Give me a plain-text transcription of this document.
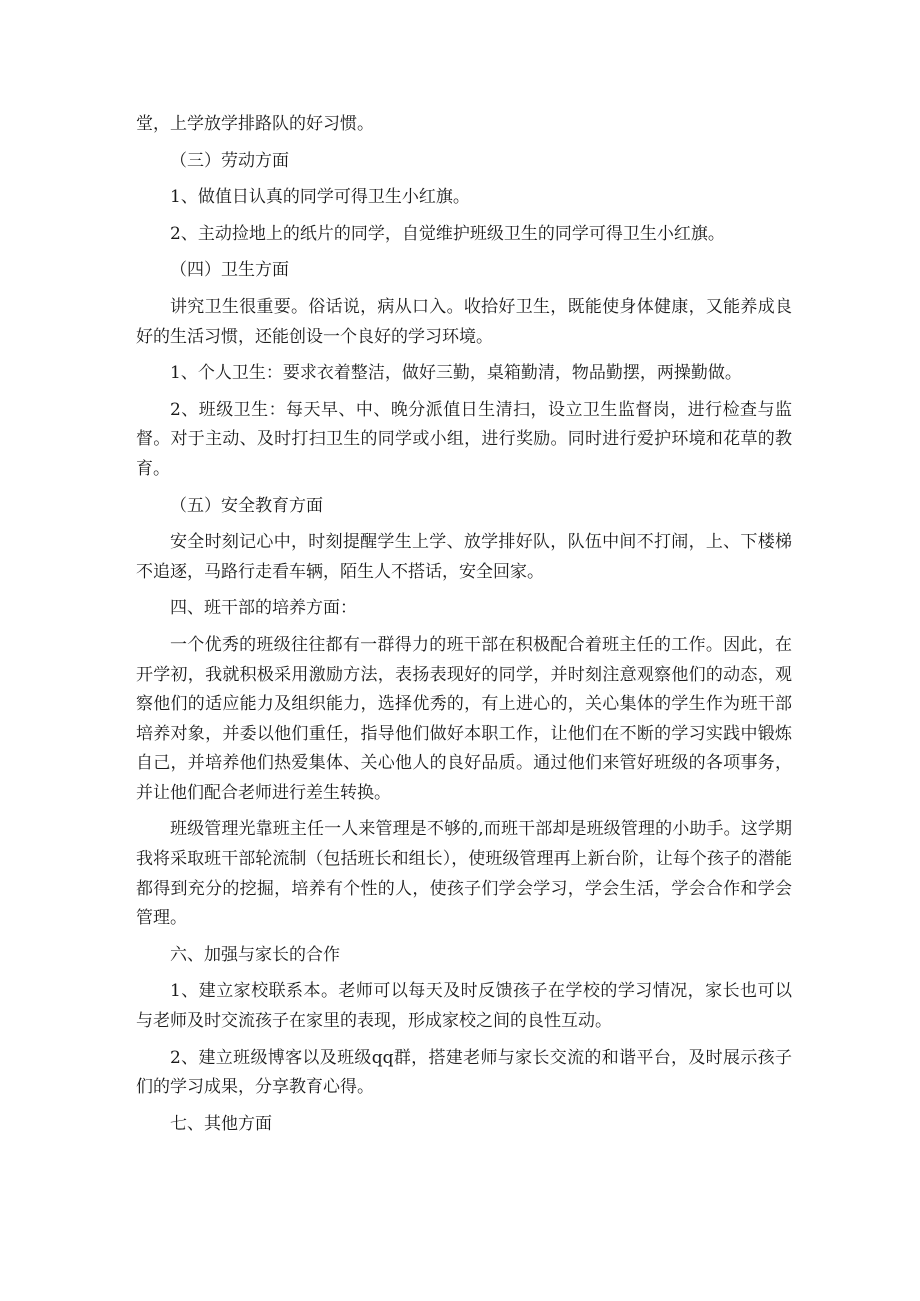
堂，上学放学排路队的好习惯。

（三）劳动方面

1、做值日认真的同学可得卫生小红旗。

2、主动捡地上的纸片的同学，自觉维护班级卫生的同学可得卫生小红旗。

（四）卫生方面

讲究卫生很重要。俗话说，病从口入。收拾好卫生，既能使身体健康，又能养成良好的生活习惯，还能创设一个良好的学习环境。

1、个人卫生：要求衣着整洁，做好三勤，桌箱勤清，物品勤摆，两操勤做。

2、班级卫生：每天早、中、晚分派值日生清扫，设立卫生监督岗，进行检查与监督。对于主动、及时打扫卫生的同学或小组，进行奖励。同时进行爱护环境和花草的教育。

（五）安全教育方面

安全时刻记心中，时刻提醒学生上学、放学排好队，队伍中间不打闹，上、下楼梯不追逐，马路行走看车辆，陌生人不搭话，安全回家。

四、班干部的培养方面：

一个优秀的班级往往都有一群得力的班干部在积极配合着班主任的工作。因此，在开学初，我就积极采用激励方法，表扬表现好的同学，并时刻注意观察他们的动态，观察他们的适应能力及组织能力，选择优秀的，有上进心的，关心集体的学生作为班干部培养对象，并委以他们重任，指导他们做好本职工作，让他们在不断的学习实践中锻炼自己，并培养他们热爱集体、关心他人的良好品质。通过他们来管好班级的各项事务，并让他们配合老师进行差生转换。

班级管理光靠班主任一人来管理是不够的,而班干部却是班级管理的小助手。这学期我将采取班干部轮流制（包括班长和组长），使班级管理再上新台阶，让每个孩子的潜能都得到充分的挖掘，培养有个性的人，使孩子们学会学习，学会生活，学会合作和学会管理。

六、加强与家长的合作

1、建立家校联系本。老师可以每天及时反馈孩子在学校的学习情况，家长也可以与老师及时交流孩子在家里的表现，形成家校之间的良性互动。

2、建立班级博客以及班级qq群，搭建老师与家长交流的和谐平台，及时展示孩子们的学习成果，分享教育心得。

七、其他方面
